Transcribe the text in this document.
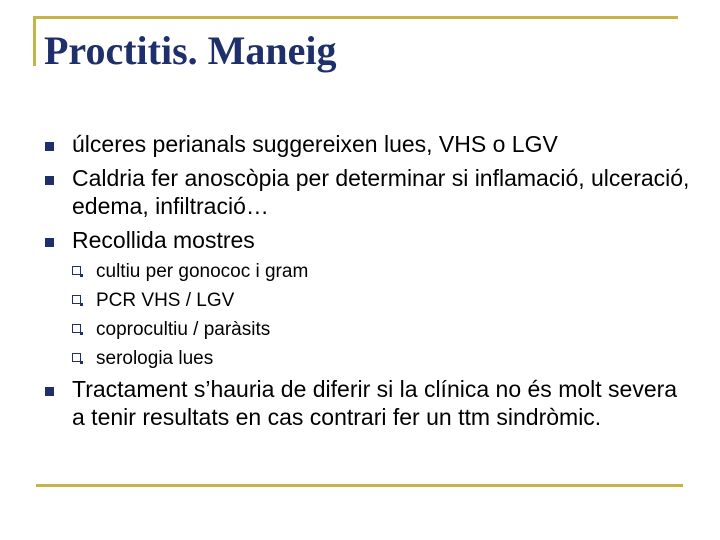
Proctitis. Maneig
úlceres perianals suggereixen lues, VHS o LGV
Caldria fer anoscòpia per determinar si inflamació, ulceració, edema, infiltració…
Recollida mostres
cultiu per gonococ i gram
PCR VHS / LGV
coprocultiu / paràsits
serologia lues
Tractament s’hauria de diferir si la clínica no és molt severa a tenir resultats en cas contrari fer un ttm sindròmic.
